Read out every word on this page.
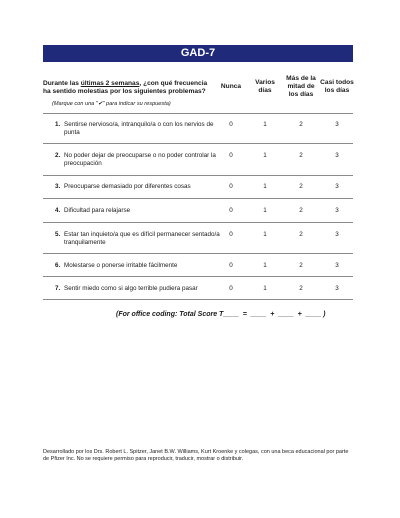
GAD-7
Durante las últimas 2 semanas, ¿con qué frecuencia
ha sentido molestias por los siguientes problemas?
(Marque con una "✔" para indicar su respuesta)
Nunca
Varios
días
Más de la
mitad de
los días
Casi todos
los días
1. Sentirse nervioso/a, intranquilo/a o con los nervios de punta
0	1	2	3
2. No poder dejar de preocuparse o no poder controlar la preocupación
0	1	2	3
3. Preocuparse demasiado por diferentes cosas	0	1	2	3
4. Dificultad para relajarse	0	1	2	3
5. Estar tan inquieto/a que es difícil permanecer sentado/a tranquilamente
0	1	2	3
6. Molestarse o ponerse irritable fácilmente	0	1	2	3
7. Sentir miedo como si algo terrible pudiera pasar	0	1	2	3
(For office coding: Total Score T____  =  ____  +  ____  +  ____ )
Desarrollado por los Drs. Robert L. Spitzer, Janet B.W. Williams, Kurt Kroenke y colegas, con una beca educacional por parte de Pfizer Inc. No se requiere permiso para reproducir, traducir, mostrar o distribuir.
